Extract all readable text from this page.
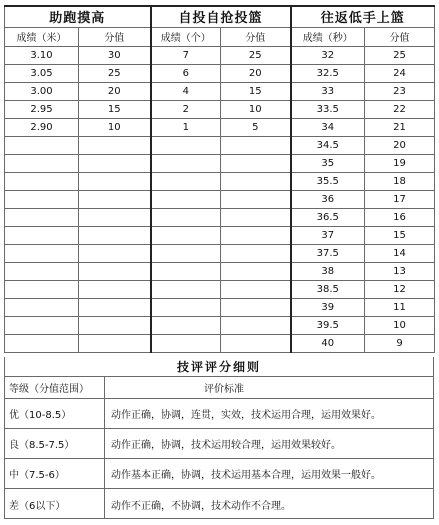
助跑摸高		自投自抢投篮		往返低手上篮	
成绩（米）	分值	成绩（个）	分值	成绩（秒）	分值
3.10	30	7	25	32	25
3.05	25	6	20	32.5	24
3.00	20	4	15	33	23
2.95	15	2	10	33.5	22
2.90	10	1	5	34	21
				34.5	20
				35	19
				35.5	18
				36	17
				36.5	16
				37	15
				37.5	14
				38	13
				38.5	12
				39	11
				39.5	10
				40	9
技评评分细则
等级（分值范围）	评价标准
优（10-8.5）	动作正确，协调，连贯，实效，技术运用合理，运用效果好。
良（8.5-7.5）	动作正确，协调，技术运用较合理，运用效果较好。
中（7.5-6）	动作基本正确，协调，技术运用基本合理，运用效果一般好。
差（6以下）	动作不正确，不协调，技术动作不合理。
